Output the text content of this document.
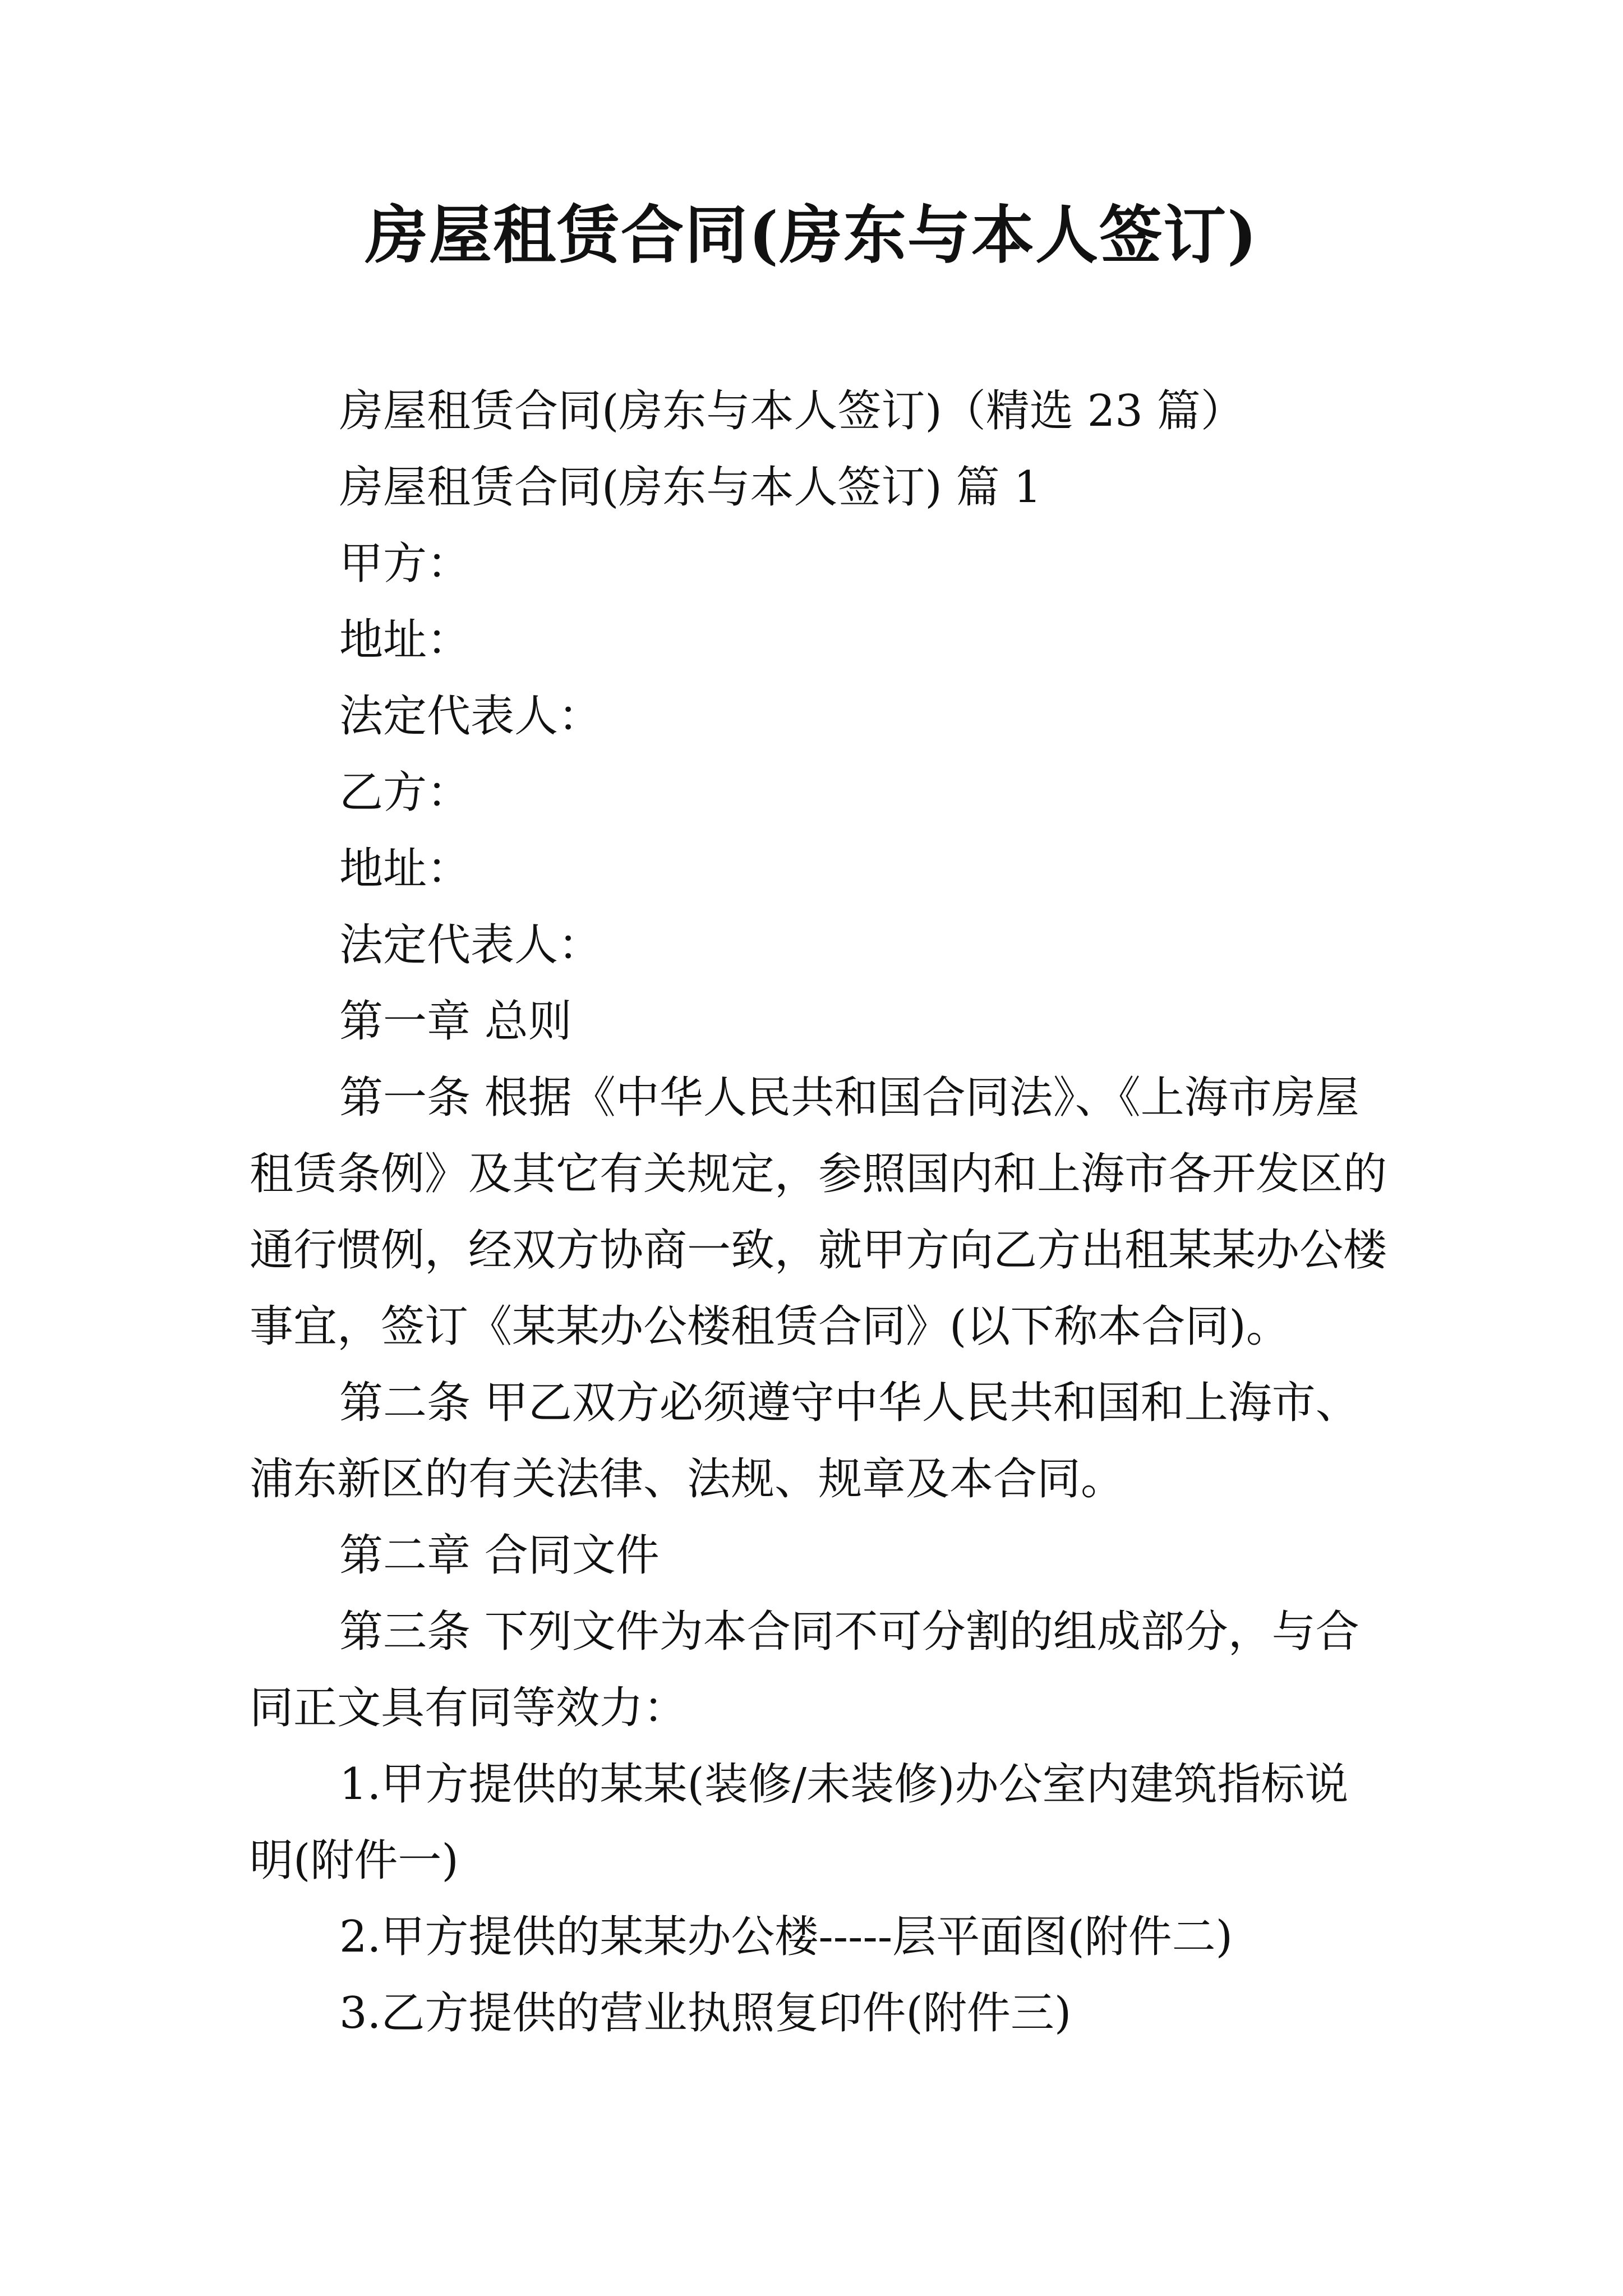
房屋租赁合同(房东与本人签订)

房屋租赁合同(房东与本人签订)（精选 23 篇）

房屋租赁合同(房东与本人签订) 篇 1

甲方：

地址：

法定代表人：

乙方：

地址：

法定代表人：

第一章 总则

第一条 根据《中华人民共和国合同法》、《上海市房屋租赁条例》及其它有关规定，参照国内和上海市各开发区的通行惯例，经双方协商一致，就甲方向乙方出租某某办公楼事宜，签订《某某办公楼租赁合同》(以下称本合同)。

第二条 甲乙双方必须遵守中华人民共和国和上海市、浦东新区的有关法律、法规、规章及本合同。

第二章 合同文件

第三条 下列文件为本合同不可分割的组成部分，与合同正文具有同等效力：

1.甲方提供的某某(装修/未装修)办公室内建筑指标说明(附件一)

2.甲方提供的某某办公楼-----层平面图(附件二)

3.乙方提供的营业执照复印件(附件三)
